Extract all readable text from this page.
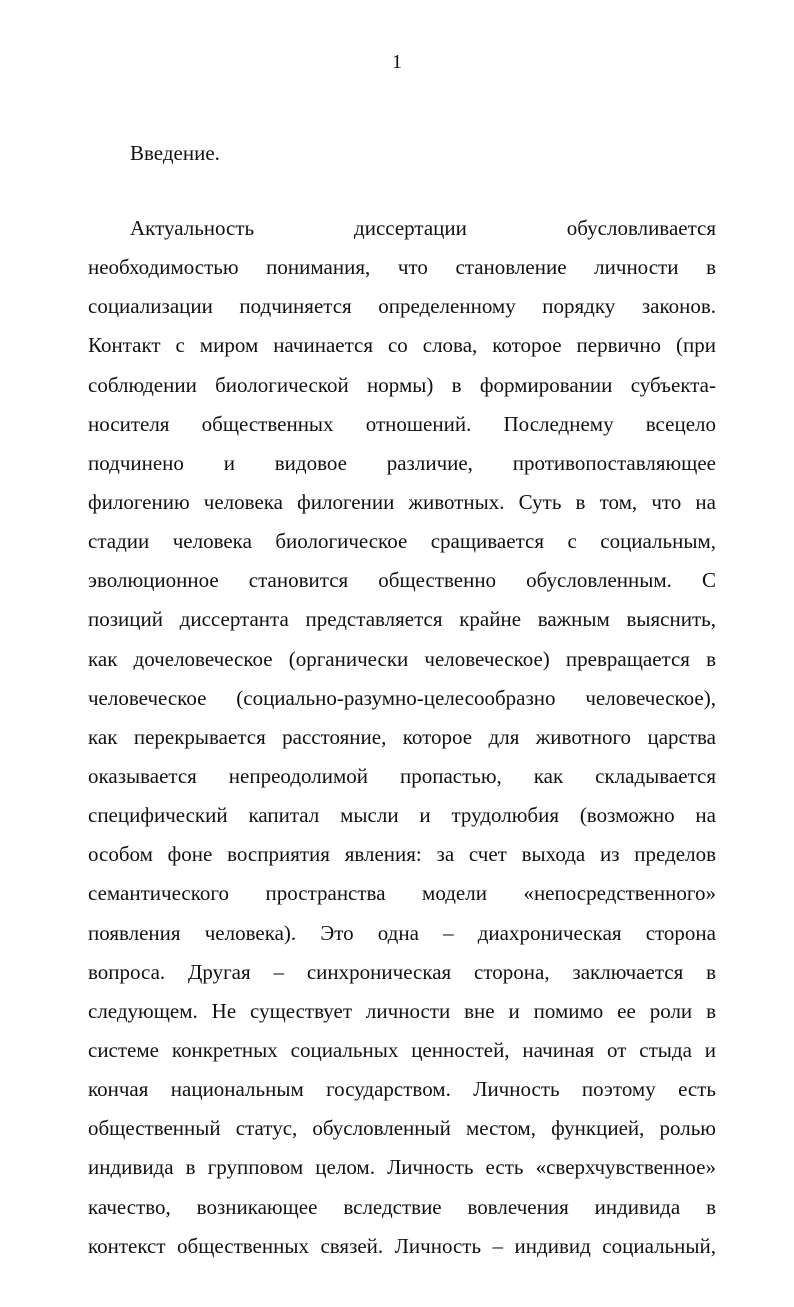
1
Введение.
Актуальность диссертации обусловливается
необходимостью понимания, что становление личности в
социализации подчиняется определенному порядку законов.
Контакт с миром начинается со слова, которое первично (при
соблюдении биологической нормы) в формировании субъекта-
носителя общественных отношений. Последнему всецело
подчинено и видовое различие, противопоставляющее
филогению человека филогении животных. Суть в том, что на
стадии человека биологическое сращивается с социальным,
эволюционное становится общественно обусловленным. С
позиций диссертанта представляется крайне важным выяснить,
как дочеловеческое (органически человеческое) превращается в
человеческое (социально-разумно-целесообразно человеческое),
как перекрывается расстояние, которое для животного царства
оказывается непреодолимой пропастью, как складывается
специфический капитал мысли и трудолюбия (возможно на
особом фоне восприятия явления: за счет выхода из пределов
семантического пространства модели «непосредственного»
появления человека). Это одна – диахроническая сторона
вопроса. Другая – синхроническая сторона, заключается в
следующем. Не существует личности вне и помимо ее роли в
системе конкретных социальных ценностей, начиная от стыда и
кончая национальным государством. Личность поэтому есть
общественный статус, обусловленный местом, функцией, ролью
индивида в групповом целом. Личность есть «сверхчувственное»
качество, возникающее вследствие вовлечения индивида в
контекст общественных связей. Личность – индивид социальный,
